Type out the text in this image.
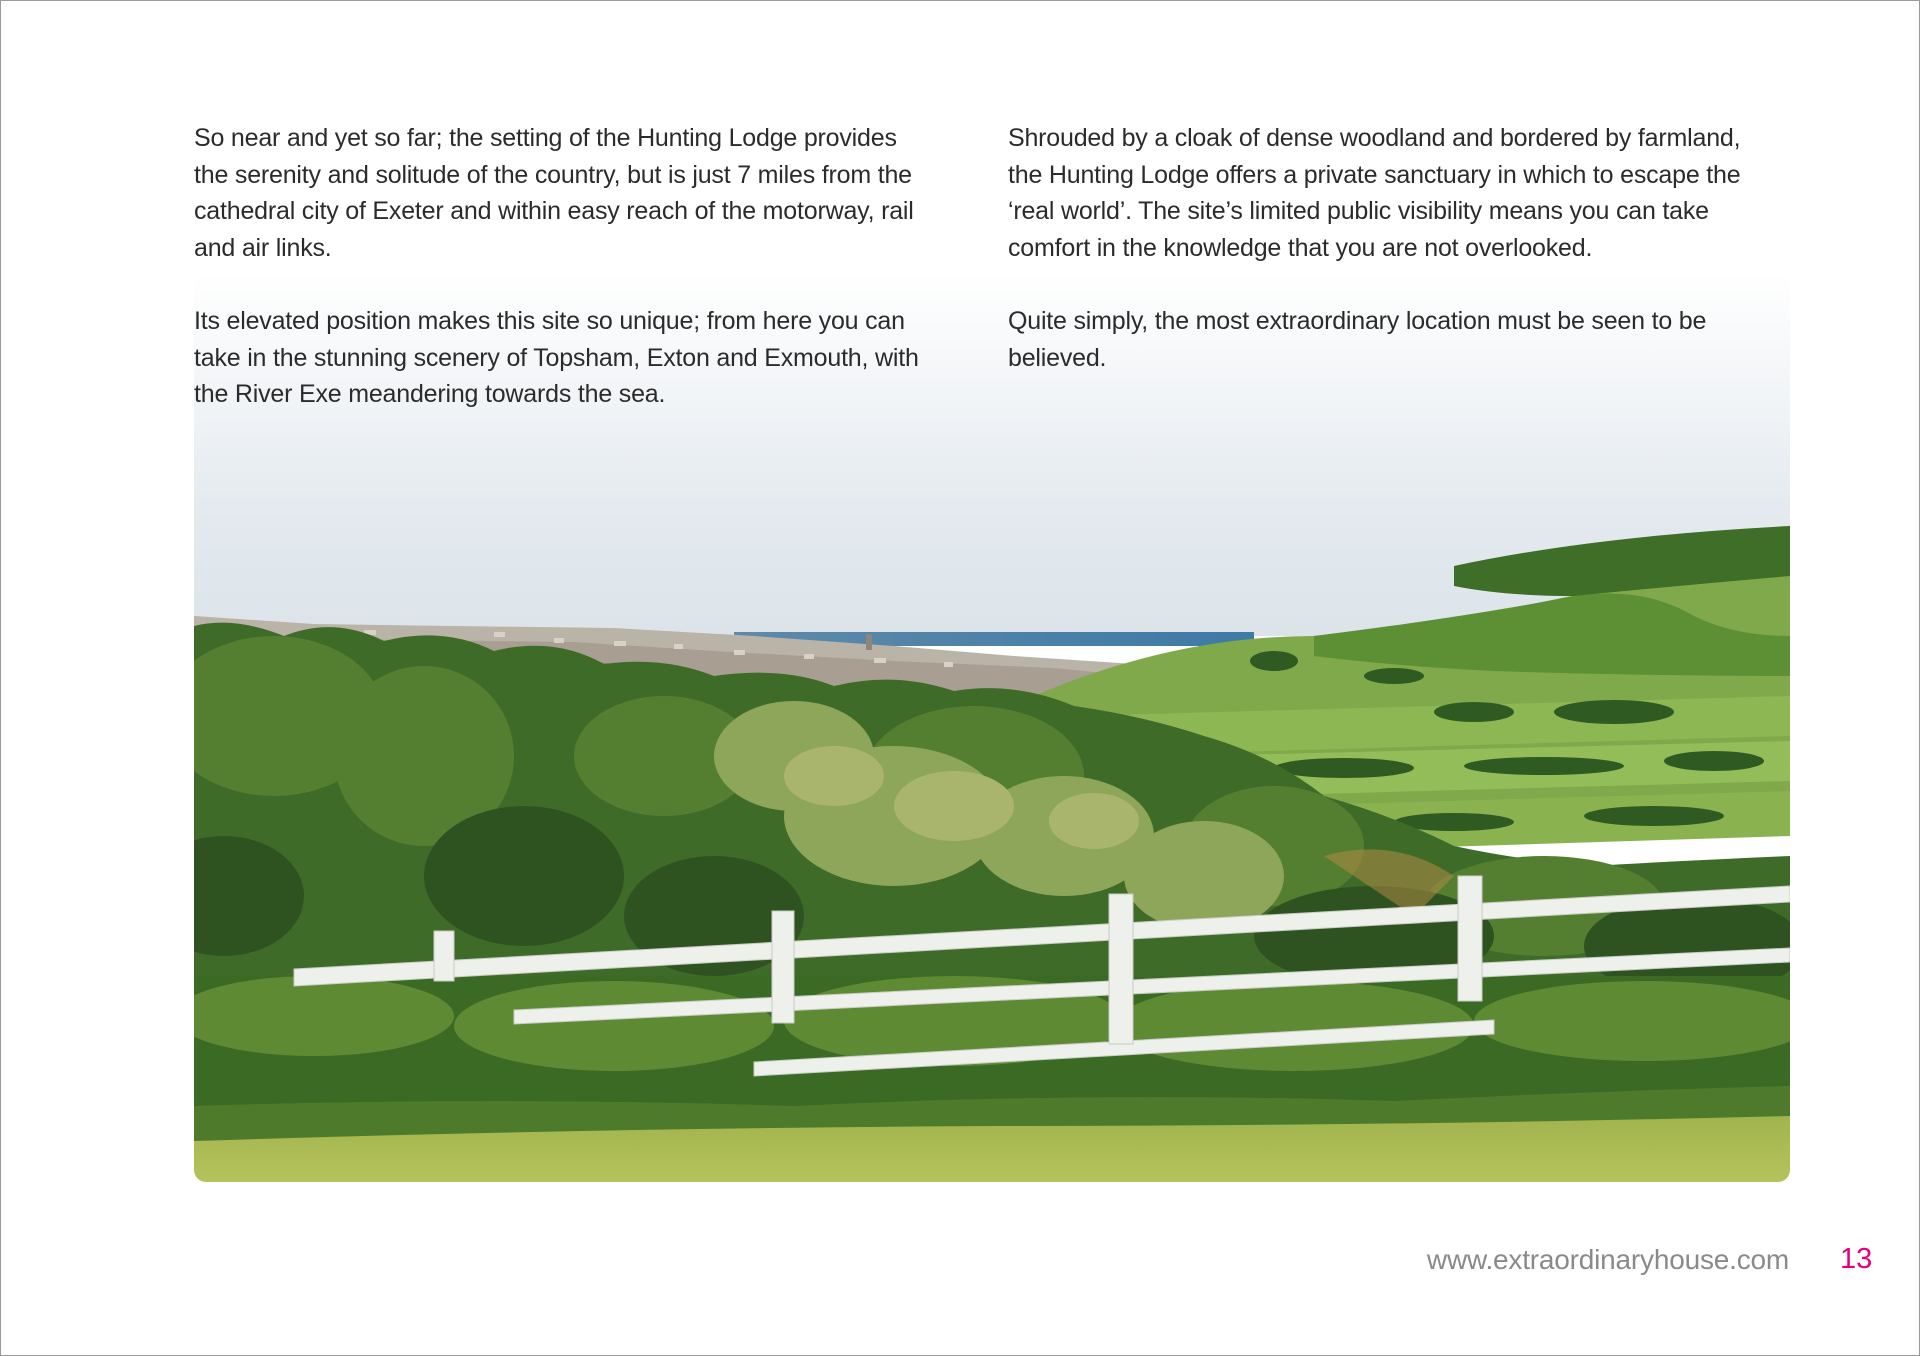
So near and yet so far; the setting of the Hunting Lodge provides the serenity and solitude of the country, but is just 7 miles from the cathedral city of Exeter and within easy reach of the motorway, rail and air links.

Its elevated position makes this site so unique; from here you can take in the stunning scenery of Topsham, Exton and Exmouth, with the River Exe meandering towards the sea.

Shrouded by a cloak of dense woodland and bordered by farmland, the Hunting Lodge offers a private sanctuary in which to escape the ‘real world’. The site’s limited public visibility means you can take comfort in the knowledge that you are not overlooked.

Quite simply, the most extraordinary location must be seen to be believed.

www.extraordinaryhouse.com 13
